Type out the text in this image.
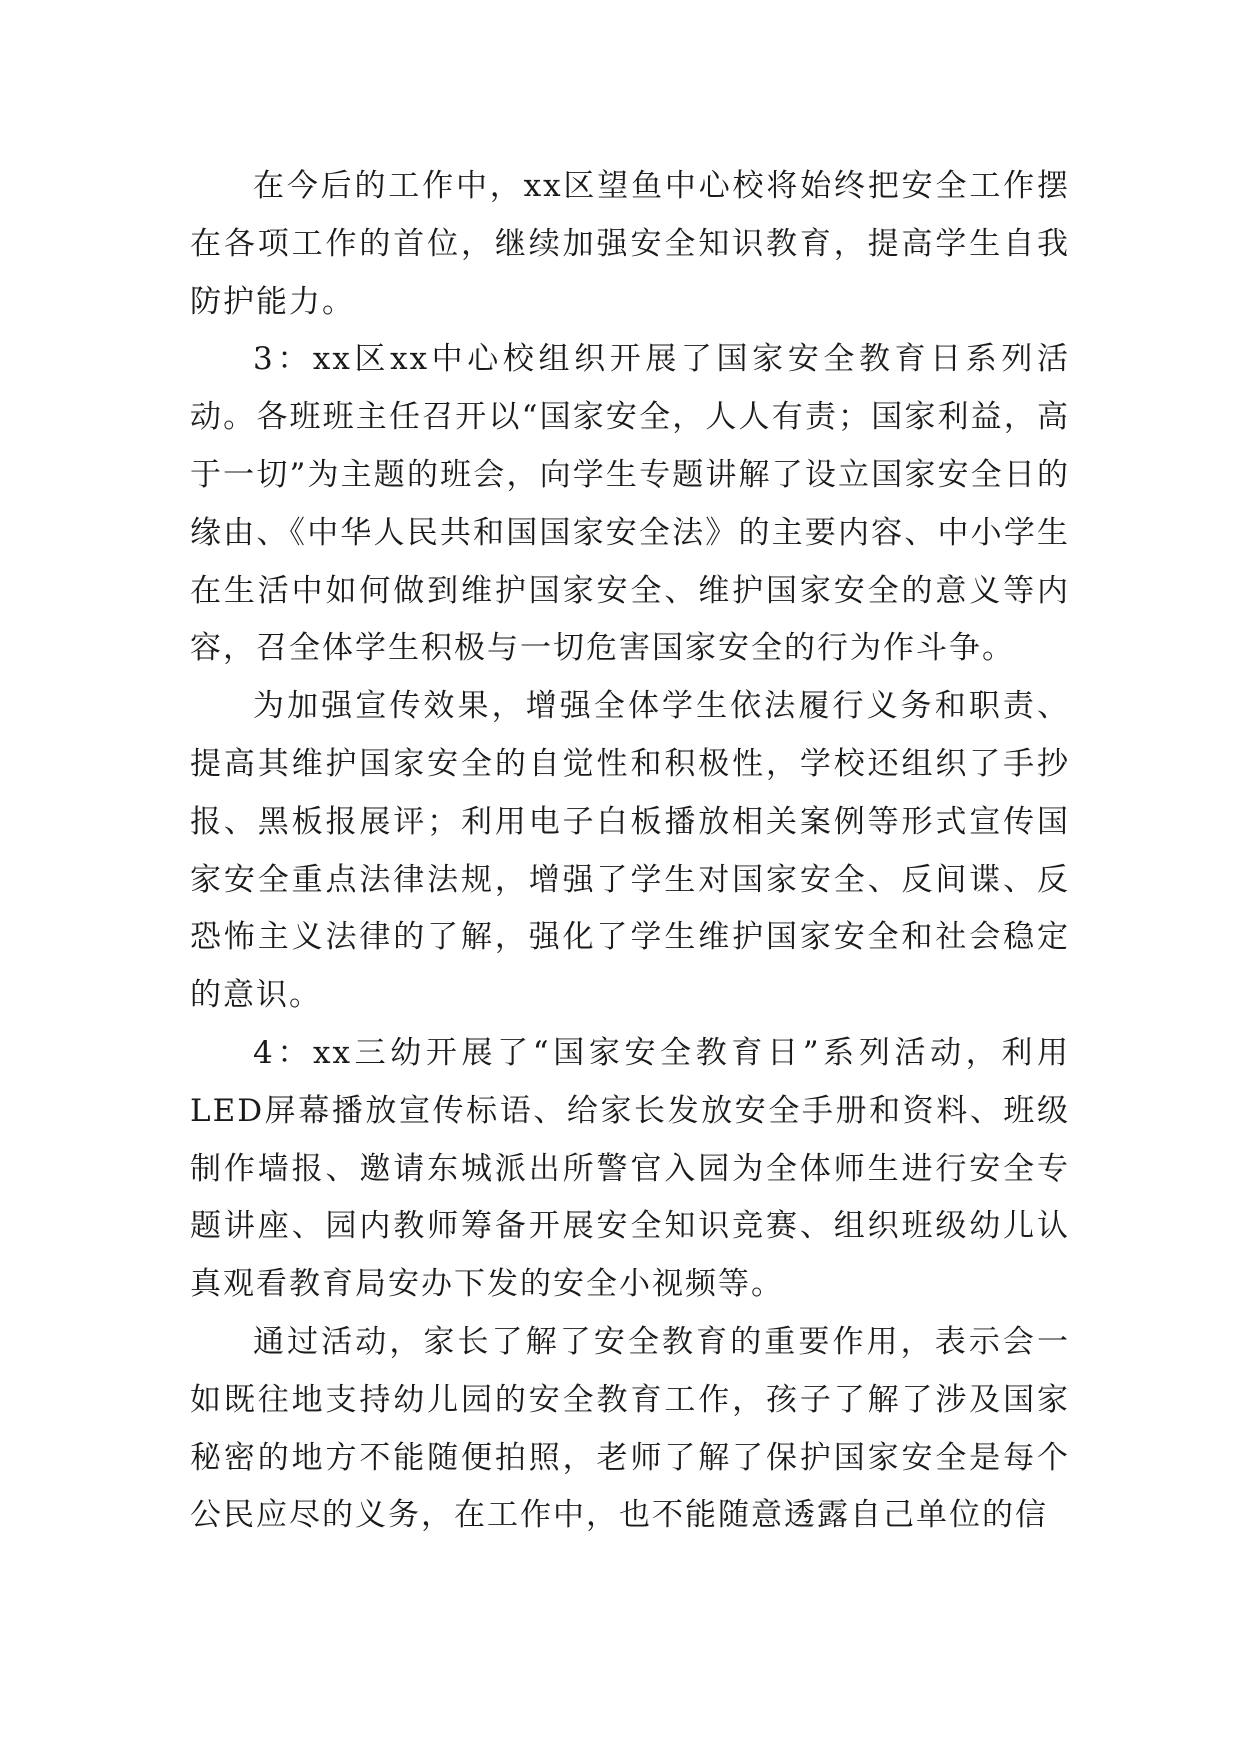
在今后的工作中，xx区望鱼中心校将始终把安全工作摆在各项工作的首位，继续加强安全知识教育，提高学生自我防护能力。

3：xx区xx中心校组织开展了国家安全教育日系列活动。各班班主任召开以“国家安全，人人有责；国家利益，高于一切”为主题的班会，向学生专题讲解了设立国家安全日的缘由、《中华人民共和国国家安全法》的主要内容、中小学生在生活中如何做到维护国家安全、维护国家安全的意义等内容，召全体学生积极与一切危害国家安全的行为作斗争。

为加强宣传效果，增强全体学生依法履行义务和职责、提高其维护国家安全的自觉性和积极性，学校还组织了手抄报、黑板报展评；利用电子白板播放相关案例等形式宣传国家安全重点法律法规，增强了学生对国家安全、反间谍、反恐怖主义法律的了解，强化了学生维护国家安全和社会稳定的意识。

4：xx三幼开展了“国家安全教育日”系列活动，利用LED屏幕播放宣传标语、给家长发放安全手册和资料、班级制作墙报、邀请东城派出所警官入园为全体师生进行安全专题讲座、园内教师筹备开展安全知识竞赛、组织班级幼儿认真观看教育局安办下发的安全小视频等。

通过活动，家长了解了安全教育的重要作用，表示会一如既往地支持幼儿园的安全教育工作，孩子了解了涉及国家秘密的地方不能随便拍照，老师了解了保护国家安全是每个公民应尽的义务，在工作中，也不能随意透露自己单位的信
